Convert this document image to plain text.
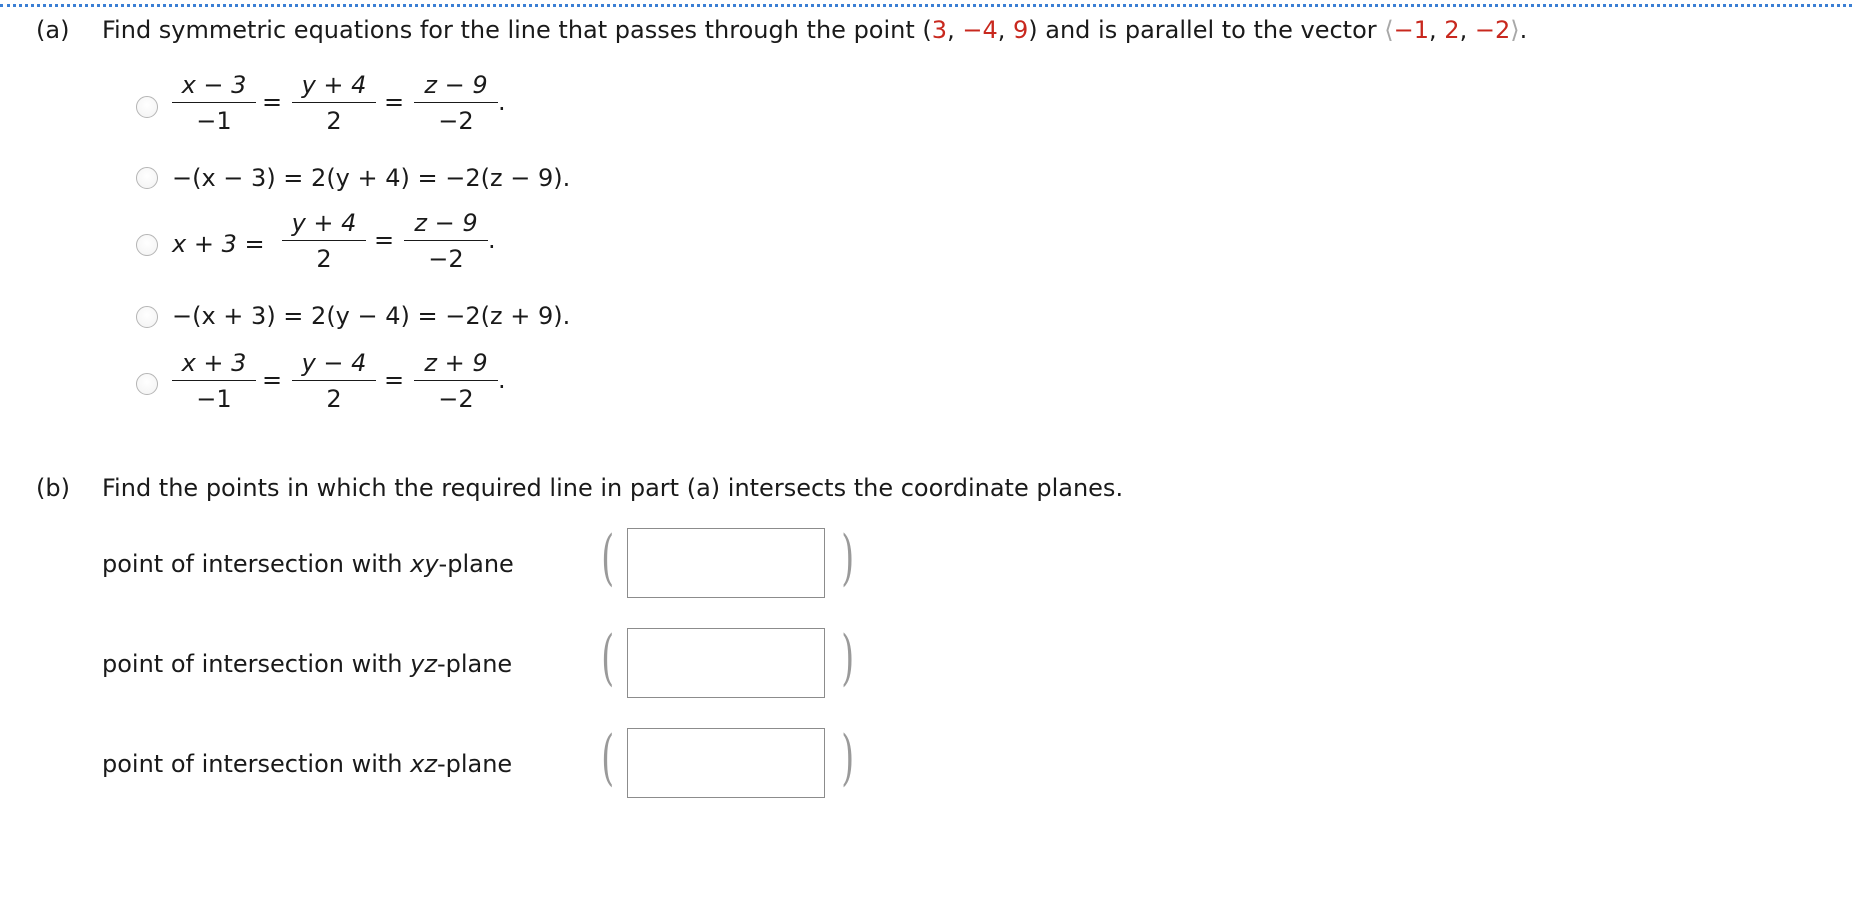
(a) Find symmetric equations for the line that passes through the point (3, −4, 9) and is parallel to the vector ⟨−1, 2, −2⟩.
x − 3
−1
=
y + 4
2
=
z − 9
−2
.
−(x − 3) = 2(y + 4) = −2(z − 9).
x + 3 =
y + 4
2
=
z − 9
−2
.
−(x + 3) = 2(y − 4) = −2(z + 9).
x + 3
−1
=
y − 4
2
=
z + 9
−2
.
(b) Find the points in which the required line in part (a) intersects the coordinate planes.
point of intersection with xy-plane (	)
point of intersection with yz-plane (	)
point of intersection with xz-plane (	)
